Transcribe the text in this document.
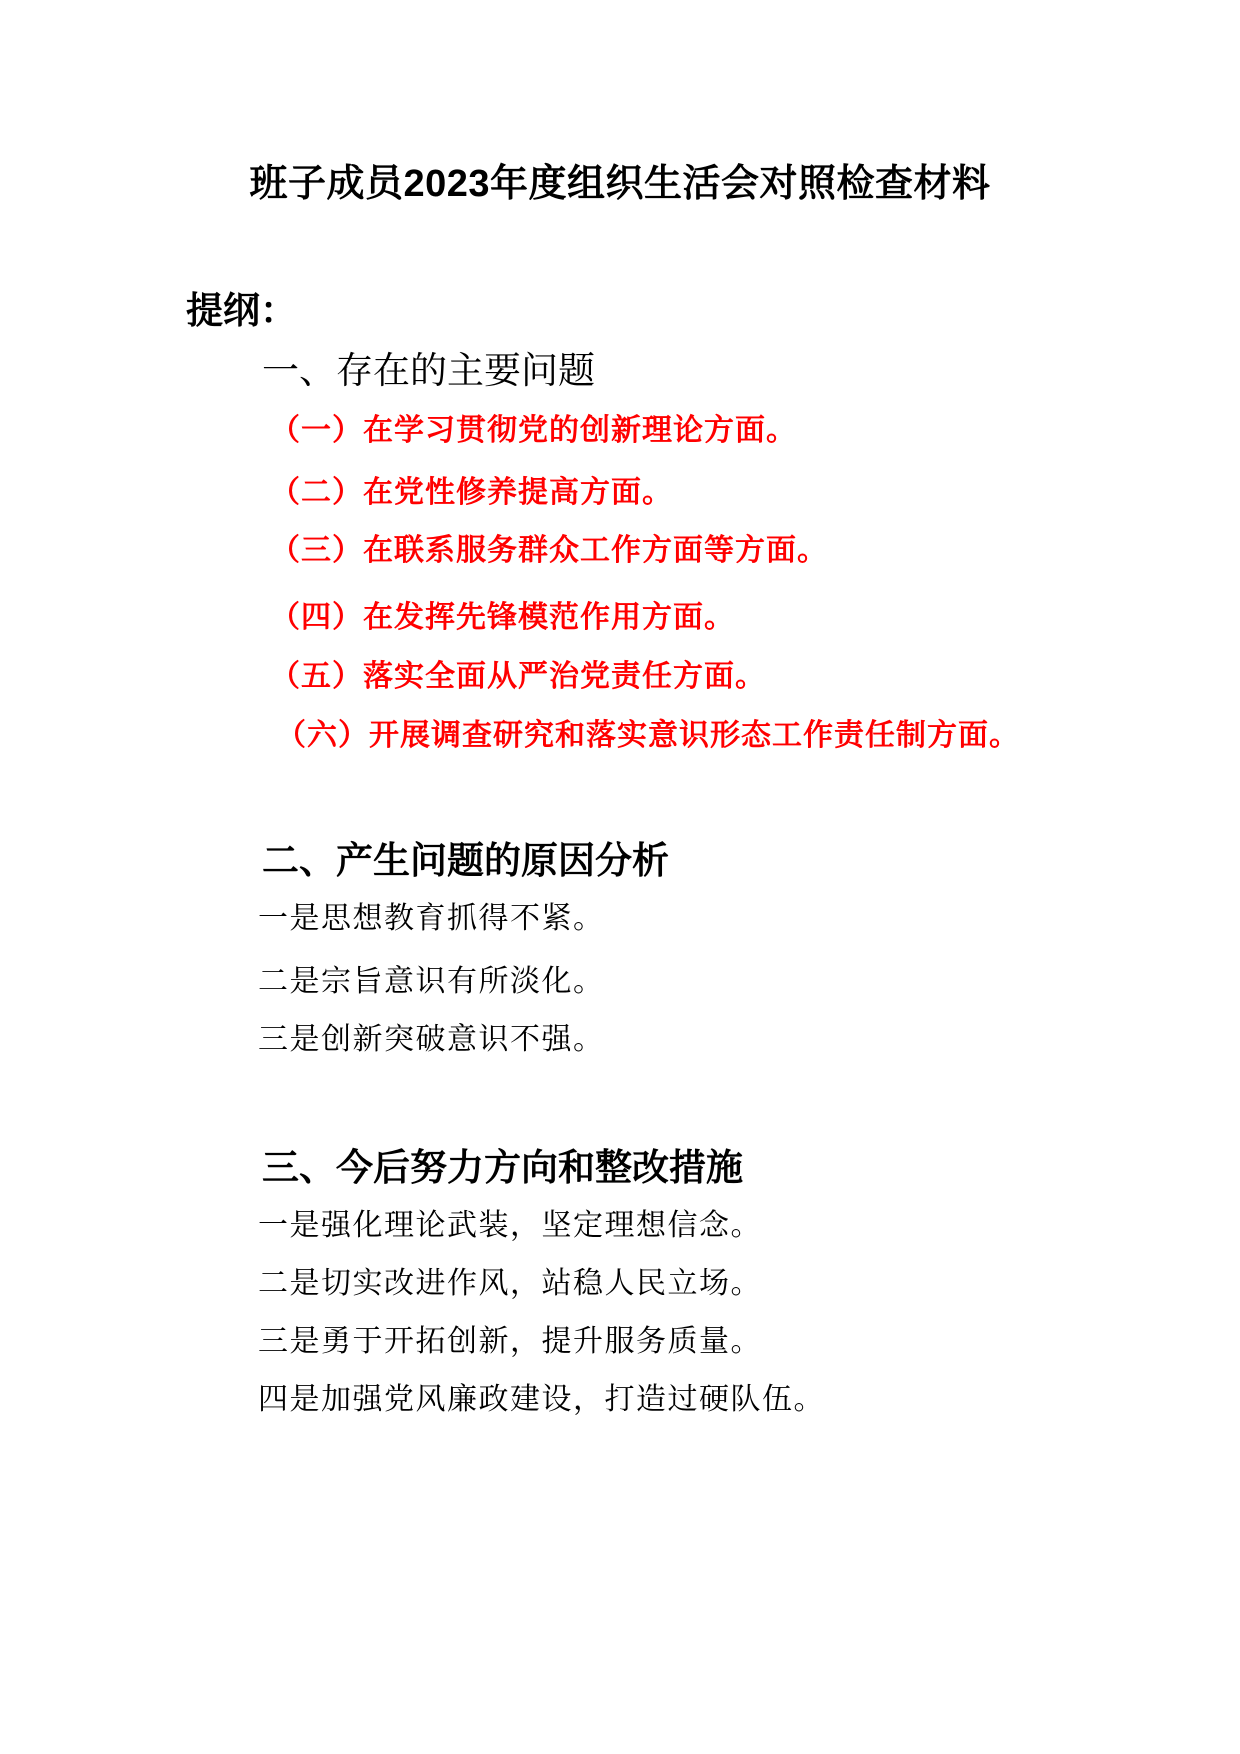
班子成员2023年度组织生活会对照检查材料
提纲：
一、存在的主要问题
（一）在学习贯彻党的创新理论方面。
（二）在党性修养提高方面。
（三）在联系服务群众工作方面等方面。
（四）在发挥先锋模范作用方面。
（五）落实全面从严治党责任方面。
（六）开展调查研究和落实意识形态工作责任制方面。
二、产生问题的原因分析
一是思想教育抓得不紧。
二是宗旨意识有所淡化。
三是创新突破意识不强。
三、今后努力方向和整改措施
一是强化理论武装，坚定理想信念。
二是切实改进作风，站稳人民立场。
三是勇于开拓创新，提升服务质量。
四是加强党风廉政建设，打造过硬队伍。
